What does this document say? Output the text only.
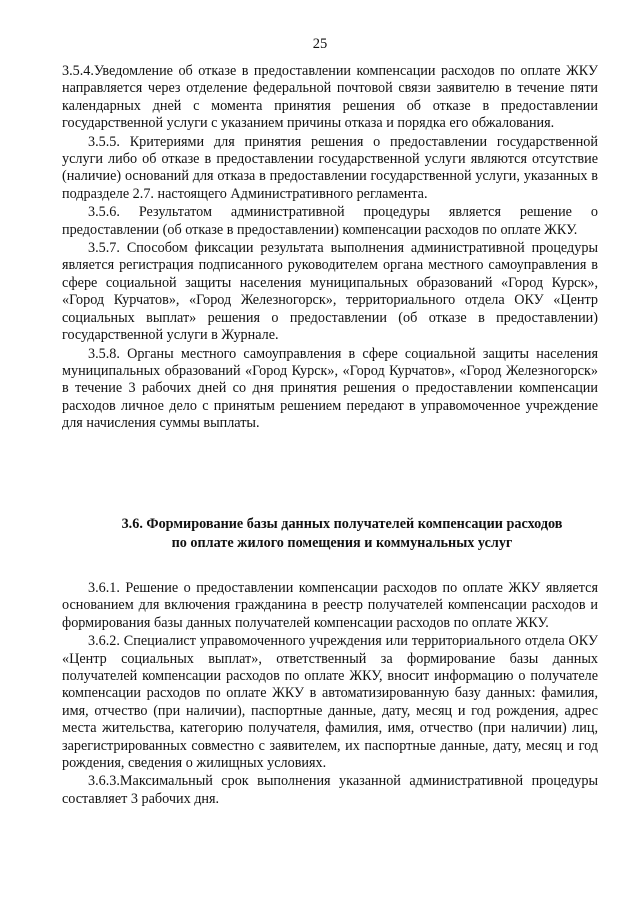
25

3.5.4.Уведомление об отказе в предоставлении компенсации расходов по оплате ЖКУ направляется через отделение федеральной почтовой связи заявителю в течение пяти календарных дней с момента принятия решения об отказе в предоставлении государственной услуги с указанием причины отказа и порядка его обжалования.

3.5.5. Критериями для принятия решения о предоставлении государственной услуги либо об отказе в предоставлении государственной услуги являются отсутствие (наличие) оснований для отказа в предоставлении государственной услуги, указанных в подразделе 2.7. настоящего Административного регламента.

3.5.6. Результатом административной процедуры является решение о предоставлении (об отказе в предоставлении) компенсации расходов по оплате ЖКУ.

3.5.7. Способом фиксации результата выполнения административной процедуры является регистрация подписанного руководителем органа местного самоуправления в сфере социальной защиты населения муниципальных образований «Город Курск», «Город Курчатов», «Город Железногорск», территориального отдела ОКУ «Центр социальных выплат» решения о предоставлении (об отказе в предоставлении) государственной услуги в Журнале.

3.5.8. Органы местного самоуправления в сфере социальной защиты населения муниципальных образований «Город Курск», «Город Курчатов», «Город Железногорск» в течение 3 рабочих дней со дня принятия решения о предоставлении компенсации расходов личное дело с принятым решением передают в управомоченное учреждение для начисления суммы выплаты.

3.6. Формирование базы данных получателей компенсации расходов
по оплате жилого помещения и коммунальных услуг

3.6.1. Решение о предоставлении компенсации расходов по оплате ЖКУ является основанием для включения гражданина в реестр получателей компенсации расходов и формирования базы данных получателей компенсации расходов по оплате ЖКУ.

3.6.2. Специалист управомоченного учреждения или территориального отдела ОКУ «Центр социальных выплат», ответственный за формирование базы данных получателей компенсации расходов по оплате ЖКУ, вносит информацию о получателе компенсации расходов по оплате ЖКУ в автоматизированную базу данных: фамилия, имя, отчество (при наличии), паспортные данные, дату, месяц и год рождения, адрес места жительства, категорию получателя, фамилия, имя, отчество (при наличии) лиц, зарегистрированных совместно с заявителем, их паспортные данные, дату, месяц и год рождения, сведения о жилищных условиях.

3.6.3.Максимальный срок выполнения указанной административной процедуры составляет 3 рабочих дня.
